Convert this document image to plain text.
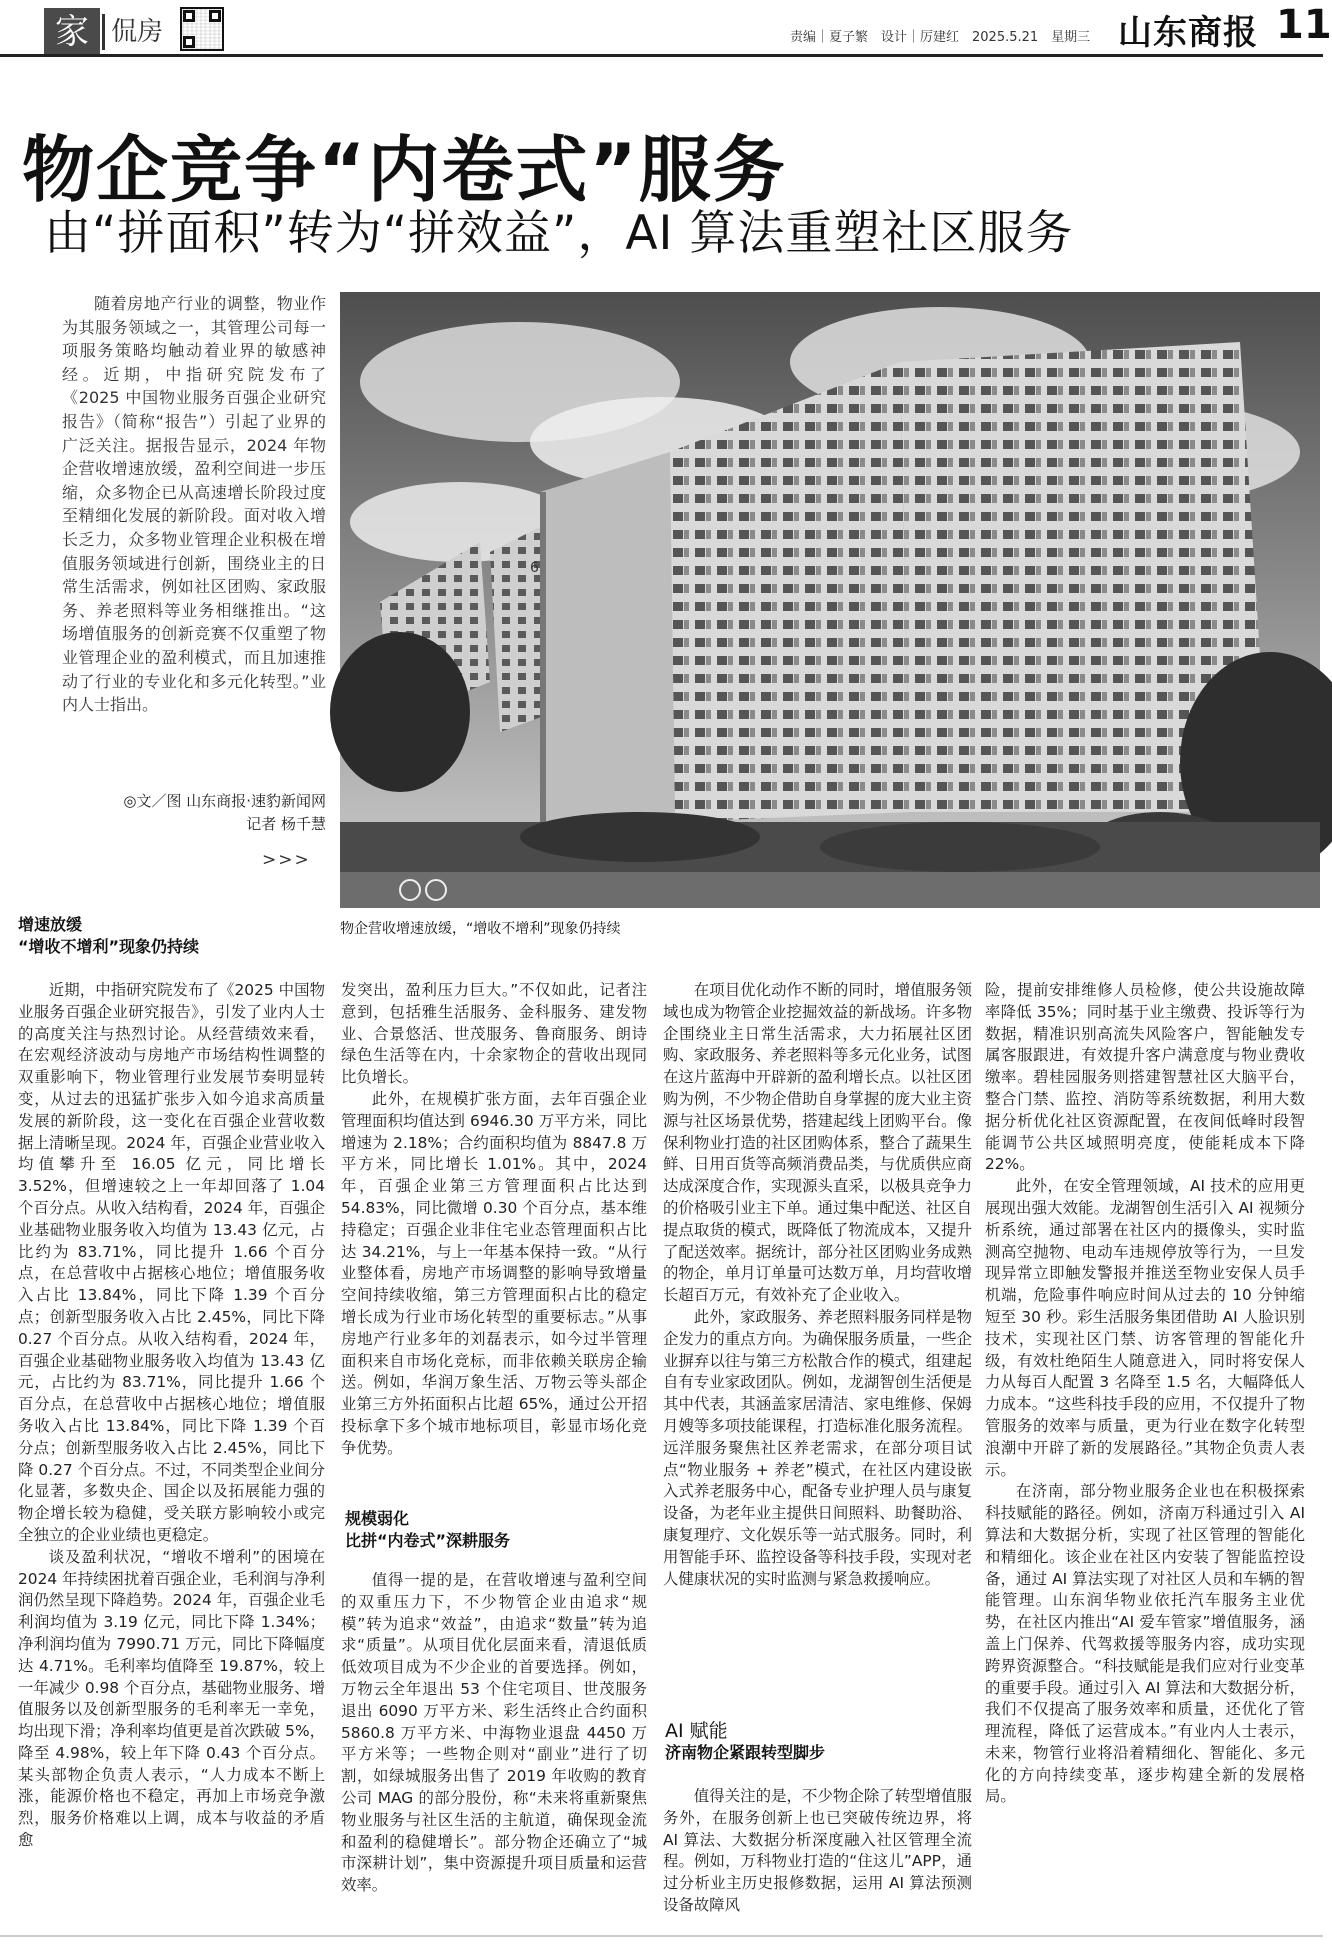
家 侃房	责编｜夏子繁　设计｜厉建红　2025.5.21　星期三 山东商报 11
物企竞争“内卷式”服务
由“拼面积”转为“拼效益”，AI 算法重塑社区服务

随着房地产行业的调整，物业作为其服务领域之一，其管理公司每一项服务策略均触动着业界的敏感神经。近期，中指研究院发布了《2025 中国物业服务百强企业研究报告》（简称“报告”）引起了业界的广泛关注。据报告显示，2024 年物企营收增速放缓，盈利空间进一步压缩，众多物企已从高速增长阶段过度至精细化发展的新阶段。面对收入增长乏力，众多物业管理企业积极在增值服务领域进行创新，围绕业主的日常生活需求，例如社区团购、家政服务、养老照料等业务相继推出。“这场增值服务的创新竞赛不仅重塑了物业管理企业的盈利模式，而且加速推动了行业的专业化和多元化转型。”业内人士指出。

◎文／图 山东商报·速豹新闻网
记者 杨千慧
>>>
6
物企营收增速放缓，“增收不增利”现象仍持续
增速放缓
“增收不增利”现象仍持续

近期，中指研究院发布了《2025 中国物业服务百强企业研究报告》，引发了业内人士的高度关注与热烈讨论。从经营绩效来看，在宏观经济波动与房地产市场结构性调整的双重影响下，物业管理行业发展节奏明显转变，从过去的迅猛扩张步入如今追求高质量发展的新阶段，这一变化在百强企业营收数据上清晰呈现。2024 年，百强企业营业收入均值攀升至 16.05 亿元，同比增长 3.52%，但增速较之上一年却回落了 1.04 个百分点。从收入结构看，2024 年，百强企业基础物业服务收入均值为 13.43 亿元，占比约为 83.71%，同比提升 1.66 个百分点，在总营收中占据核心地位；增值服务收入占比 13.84%，同比下降 1.39 个百分点；创新型服务收入占比 2.45%，同比下降 0.27 个百分点。从收入结构看，2024 年，百强企业基础物业服务收入均值为 13.43 亿元，占比约为 83.71%，同比提升 1.66 个百分点，在总营收中占据核心地位；增值服务收入占比 13.84%，同比下降 1.39 个百分点；创新型服务收入占比 2.45%，同比下降 0.27 个百分点。不过，不同类型企业间分化显著，多数央企、国企以及拓展能力强的物企增长较为稳健，受关联方影响较小或完全独立的企业业绩也更稳定。

谈及盈利状况，“增收不增利”的困境在 2024 年持续困扰着百强企业，毛利润与净利润仍然呈现下降趋势。2024 年，百强企业毛利润均值为 3.19 亿元，同比下降 1.34%；净利润均值为 7990.71 万元，同比下降幅度达 4.71%。毛利率均值降至 19.87%，较上一年减少 0.98 个百分点，基础物业服务、增值服务以及创新型服务的毛利率无一幸免，均出现下滑；净利率均值更是首次跌破 5%，降至 4.98%，较上年下降 0.43 个百分点。某头部物企负责人表示，“人力成本不断上涨，能源价格也不稳定，再加上市场竞争激烈，服务价格难以上调，成本与收益的矛盾愈

发突出，盈利压力巨大。”不仅如此，记者注意到，包括雅生活服务、金科服务、建发物业、合景悠活、世茂服务、鲁商服务、朗诗绿色生活等在内，十余家物企的营收出现同比负增长。

此外，在规模扩张方面，去年百强企业管理面积均值达到 6946.30 万平方米，同比增速为 2.18%；合约面积均值为 8847.8 万平方米，同比增长 1.01%。其中，2024 年，百强企业第三方管理面积占比达到 54.83%，同比微增 0.30 个百分点，基本维持稳定；百强企业非住宅业态管理面积占比达 34.21%，与上一年基本保持一致。“从行业整体看，房地产市场调整的影响导致增量空间持续收缩，第三方管理面积占比的稳定增长成为行业市场化转型的重要标志。”从事房地产行业多年的刘磊表示，如今过半管理面积来自市场化竞标，而非依赖关联房企输送。例如，华润万象生活、万物云等头部企业第三方外拓面积占比超 65%，通过公开招投标拿下多个城市地标项目，彰显市场化竞争优势。

规模弱化
比拼“内卷式”深耕服务

值得一提的是，在营收增速与盈利空间的双重压力下，不少物管企业由追求“规模”转为追求“效益”，由追求“数量”转为追求“质量”。从项目优化层面来看，清退低质低效项目成为不少企业的首要选择。例如，万物云全年退出 53 个住宅项目、世茂服务退出 6090 万平方米、彩生活终止合约面积 5860.8 万平方米、中海物业退盘 4450 万平方米等；一些物企则对“副业”进行了切割，如绿城服务出售了 2019 年收购的教育公司 MAG 的部分股份，称“未来将重新聚焦物业服务与社区生活的主航道，确保现金流和盈利的稳健增长”。部分物企还确立了“城市深耕计划”，集中资源提升项目质量和运营效率。

在项目优化动作不断的同时，增值服务领域也成为物管企业挖掘效益的新战场。许多物企围绕业主日常生活需求，大力拓展社区团购、家政服务、养老照料等多元化业务，试图在这片蓝海中开辟新的盈利增长点。以社区团购为例，不少物企借助自身掌握的庞大业主资源与社区场景优势，搭建起线上团购平台。像保利物业打造的社区团购体系，整合了蔬果生鲜、日用百货等高频消费品类，与优质供应商达成深度合作，实现源头直采，以极具竞争力的价格吸引业主下单。通过集中配送、社区自提点取货的模式，既降低了物流成本，又提升了配送效率。据统计，部分社区团购业务成熟的物企，单月订单量可达数万单，月均营收增长超百万元，有效补充了企业收入。

此外，家政服务、养老照料服务同样是物企发力的重点方向。为确保服务质量，一些企业摒弃以往与第三方松散合作的模式，组建起自有专业家政团队。例如，龙湖智创生活便是其中代表，其涵盖家居清洁、家电维修、保姆月嫂等多项技能课程，打造标准化服务流程。远洋服务聚焦社区养老需求，在部分项目试点“物业服务 + 养老”模式，在社区内建设嵌入式养老服务中心，配备专业护理人员与康复设备，为老年业主提供日间照料、助餐助浴、康复理疗、文化娱乐等一站式服务。同时，利用智能手环、监控设备等科技手段，实现对老人健康状况的实时监测与紧急救援响应。

AI 赋能
济南物企紧跟转型脚步

值得关注的是，不少物企除了转型增值服务外，在服务创新上也已突破传统边界，将 AI 算法、大数据分析深度融入社区管理全流程。例如，万科物业打造的“住这儿”APP，通过分析业主历史报修数据，运用 AI 算法预测设备故障风

险，提前安排维修人员检修，使公共设施故障率降低 35%；同时基于业主缴费、投诉等行为数据，精准识别高流失风险客户，智能触发专属客服跟进，有效提升客户满意度与物业费收缴率。碧桂园服务则搭建智慧社区大脑平台，整合门禁、监控、消防等系统数据，利用大数据分析优化社区资源配置，在夜间低峰时段智能调节公共区域照明亮度，使能耗成本下降 22%。

此外，在安全管理领域，AI 技术的应用更展现出强大效能。龙湖智创生活引入 AI 视频分析系统，通过部署在社区内的摄像头，实时监测高空抛物、电动车违规停放等行为，一旦发现异常立即触发警报并推送至物业安保人员手机端，危险事件响应时间从过去的 10 分钟缩短至 30 秒。彩生活服务集团借助 AI 人脸识别技术，实现社区门禁、访客管理的智能化升级，有效杜绝陌生人随意进入，同时将安保人力从每百人配置 3 名降至 1.5 名，大幅降低人力成本。“这些科技手段的应用，不仅提升了物管服务的效率与质量，更为行业在数字化转型浪潮中开辟了新的发展路径。”其物企负责人表示。

在济南，部分物业服务企业也在积极探索科技赋能的路径。例如，济南万科通过引入 AI 算法和大数据分析，实现了社区管理的智能化和精细化。该企业在社区内安装了智能监控设备，通过 AI 算法实现了对社区人员和车辆的智能管理。山东润华物业依托汽车服务主业优势，在社区内推出“AI 爱车管家”增值服务，涵盖上门保养、代驾救援等服务内容，成功实现跨界资源整合。“科技赋能是我们应对行业变革的重要手段。通过引入 AI 算法和大数据分析，我们不仅提高了服务效率和质量，还优化了管理流程，降低了运营成本。”有业内人士表示，未来，物管行业将沿着精细化、智能化、多元化的方向持续变革，逐步构建全新的发展格局。
